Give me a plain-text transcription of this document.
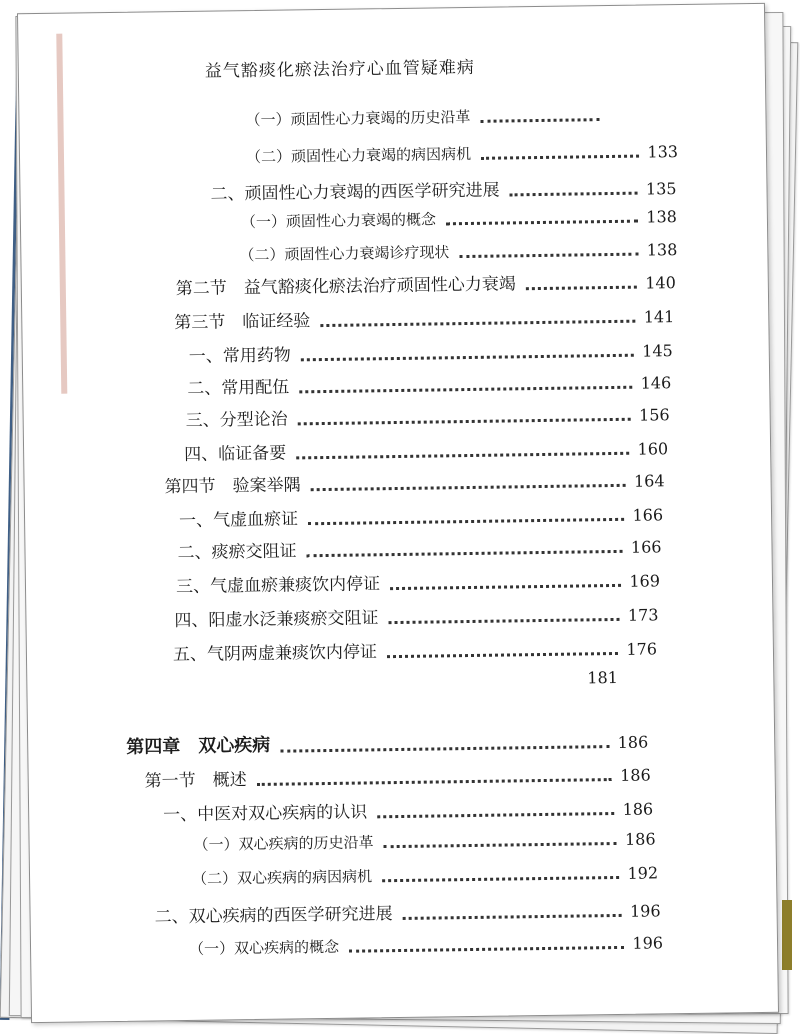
益气豁痰化瘀法治疗心血管疑难病
（一）顽固性心力衰竭的历史沿革
（二）顽固性心力衰竭的病因病机	133
二、顽固性心力衰竭的西医学研究进展	135
（一）顽固性心力衰竭的概念	138
（二）顽固性心力衰竭诊疗现状	138
第二节　益气豁痰化瘀法治疗顽固性心力衰竭	140
第三节　临证经验	141
一、常用药物	145
二、常用配伍	146
三、分型论治	156
四、临证备要	160
第四节　验案举隅	164
一、气虚血瘀证	166
二、痰瘀交阻证	166
三、气虚血瘀兼痰饮内停证	169
四、阳虚水泛兼痰瘀交阻证	173
五、气阴两虚兼痰饮内停证	176
181
第四章　双心疾病	186
第一节　概述	186
一、中医对双心疾病的认识	186
（一）双心疾病的历史沿革	186
（二）双心疾病的病因病机	192
二、双心疾病的西医学研究进展	196
（一）双心疾病的概念	196
